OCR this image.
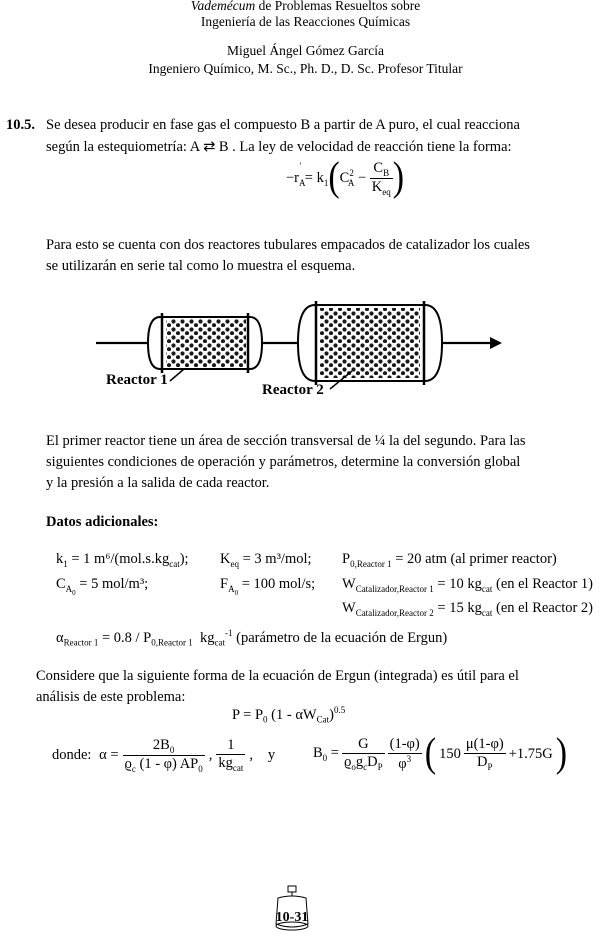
Vademécum de Problemas Resueltos sobre
Ingeniería de las Reacciones Químicas
Miguel Ángel Gómez García
Ingeniero Químico, M. Sc., Ph. D., D. Sc. Profesor Titular
10.5. Se desea producir en fase gas el compuesto B a partir de A puro, el cual reacciona
según la estequiometría: A ⇄ B . La ley de velocidad de reacción tiene la forma:
$-r_A' = k_1(C^2_A - \frac{C_B}{K_{eq}}$ )
Para esto se cuenta con dos reactores tubulares empacados de catalizador los cuales
se utilizarán en serie tal como lo muestra el esquema.
Reactor 1
Reactor 2
El primer reactor tiene un área de sección transversal de ¼ la del segundo. Para las
siguientes condiciones de operación y parámetros, determine la conversión global
y la presión a la salida de cada reactor.
Datos adicionales:
$k_1 = 1$ $m^6/(mol.s.kg_{cat})$; $K_{eq} = 3$ m³/mol; $P_{0,Reactor 1} = 20$ atm (al primer reactor)
$C_{A_0} = 5$ mol/m³;	$F_{A_0} = 100$ mol/s; $W_{Catalizador,Reactor 1} = 10$ $kg_{cat}$ (en el Reactor 1)
$W_{Catalizador,Reactor 2} = 15$ $kg_{cat}$ (en el Reactor 2)
$\alpha_{Reactor 1} = 0.8 / P_{0,Reactor 1}$  $kg_{cat}^{-1}$ (parámetro de la ecuación de Ergun)
Considere que la siguiente forma de la ecuación de Ergun (integrada) es útil para el
análisis de este problema:
$P = P_0$ $(1 - \alpha W_{Cat})^{0.5}$
donde: $\alpha = \frac{2B_0}{ϱ_c (1 - \varphi) AP_0}$ , $\frac{1}{kg_{cat}}$ , y	$B_0 = \frac{G}{ϱ_og_cD_P} \frac{(1-\varphi)}{\varphi^3}$ ( $150 \frac{\mu(1-\varphi)}{D_P} +1.75G$ )
10-31
